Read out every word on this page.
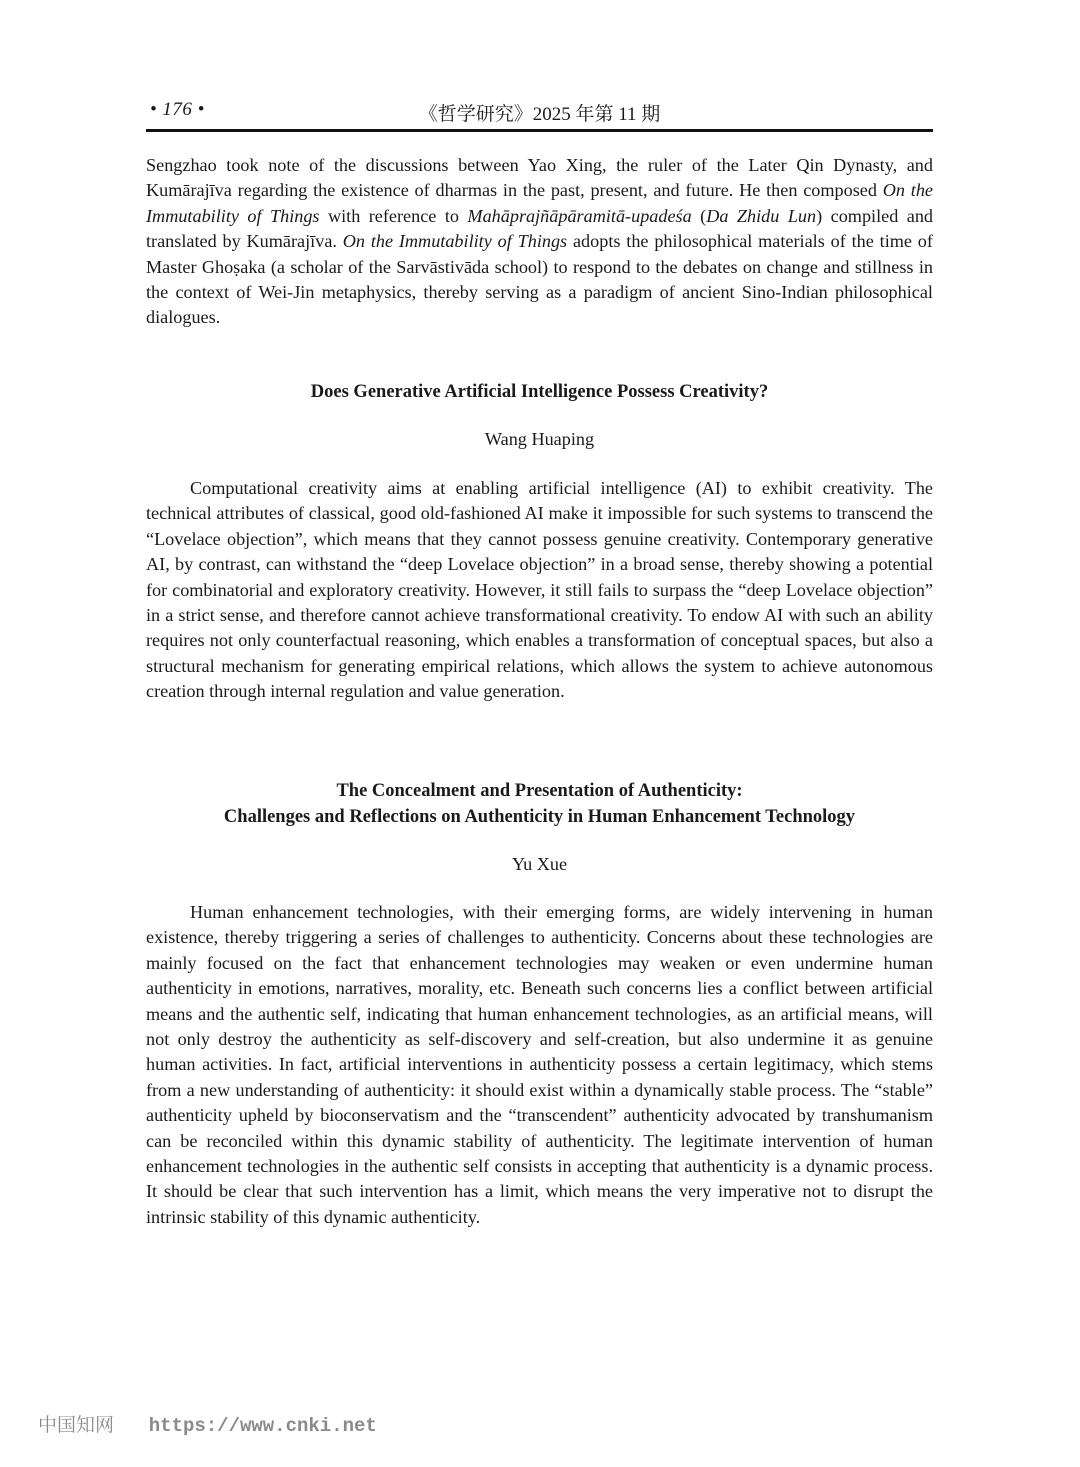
• 176 •	《哲学研究》2025 年第 11 期

Sengzhao took note of the discussions between Yao Xing, the ruler of the Later Qin Dynasty, and Kumārajīva regarding the existence of dharmas in the past, present, and future. He then composed On the Immutability of Things with reference to Mahāprajñāpāramitā-upadeśa (Da Zhidu Lun) compiled and translated by Kumārajīva. On the Immutability of Things adopts the philosophical materials of the time of Master Ghoṣaka (a scholar of the Sarvāstivāda school) to respond to the debates on change and stillness in the context of Wei-Jin metaphysics, thereby serving as a paradigm of ancient Sino-Indian philosophical dialogues.

Does Generative Artificial Intelligence Possess Creativity?

Wang Huaping

Computational creativity aims at enabling artificial intelligence (AI) to exhibit creativity. The technical attributes of classical, good old-fashioned AI make it impossible for such systems to transcend the “Lovelace objection”, which means that they cannot possess genuine creativity. Contemporary generative AI, by contrast, can withstand the “deep Lovelace objection” in a broad sense, thereby showing a potential for combinatorial and exploratory creativity. However, it still fails to surpass the “deep Lovelace objection” in a strict sense, and therefore cannot achieve transformational creativity. To endow AI with such an ability requires not only counterfactual reasoning, which enables a transformation of conceptual spaces, but also a structural mechanism for generating empirical relations, which allows the system to achieve autonomous creation through internal regulation and value generation.

The Concealment and Presentation of Authenticity:
Challenges and Reflections on Authenticity in Human Enhancement Technology

Yu Xue

Human enhancement technologies, with their emerging forms, are widely intervening in human existence, thereby triggering a series of challenges to authenticity. Concerns about these technologies are mainly focused on the fact that enhancement technologies may weaken or even undermine human authenticity in emotions, narratives, morality, etc. Beneath such concerns lies a conflict between artificial means and the authentic self, indicating that human enhancement technologies, as an artificial means, will not only destroy the authenticity as self-discovery and self-creation, but also undermine it as genuine human activities. In fact, artificial interventions in authenticity possess a certain legitimacy, which stems from a new understanding of authenticity: it should exist within a dynamically stable process. The “stable” authenticity upheld by bioconservatism and the “transcendent” authenticity advocated by transhumanism can be reconciled within this dynamic stability of authenticity. The legitimate intervention of human enhancement technologies in the authentic self consists in accepting that authenticity is a dynamic process. It should be clear that such intervention has a limit, which means the very imperative not to disrupt the intrinsic stability of this dynamic authenticity.

中国知网 https://www.cnki.net
